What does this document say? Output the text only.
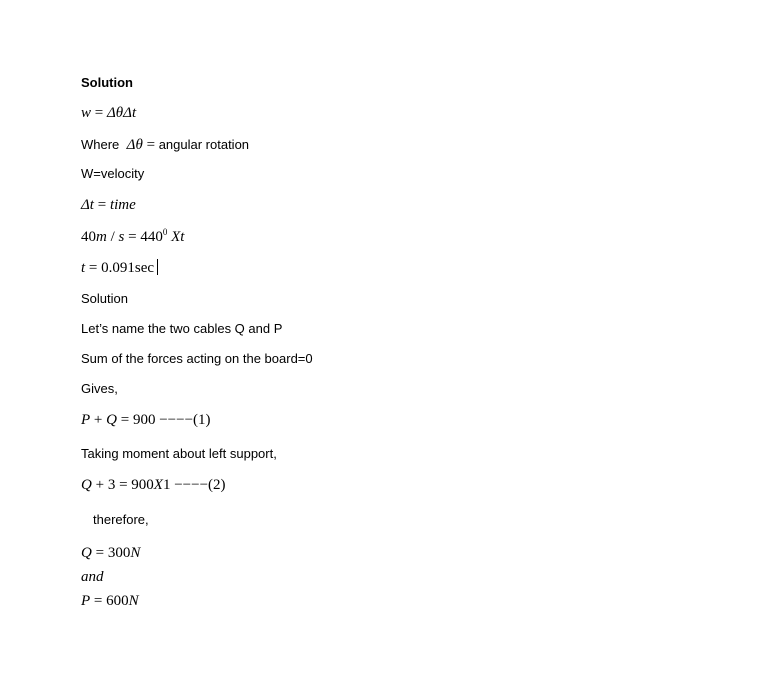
Solution
w = ΔθΔt
Where Δθ = angular rotation
W=velocity
Δt = time
$40m / s = 440^0$ Xt
t = 0.091sec
Solution
Let’s name the two cables Q and P
Sum of the forces acting on the board=0
Gives,
P + Q = 900 −−−−(1)
Taking moment about left support,
Q + 3 = 900X1 −−−−(2)
therefore,
Q = 300N
and
P = 600N
